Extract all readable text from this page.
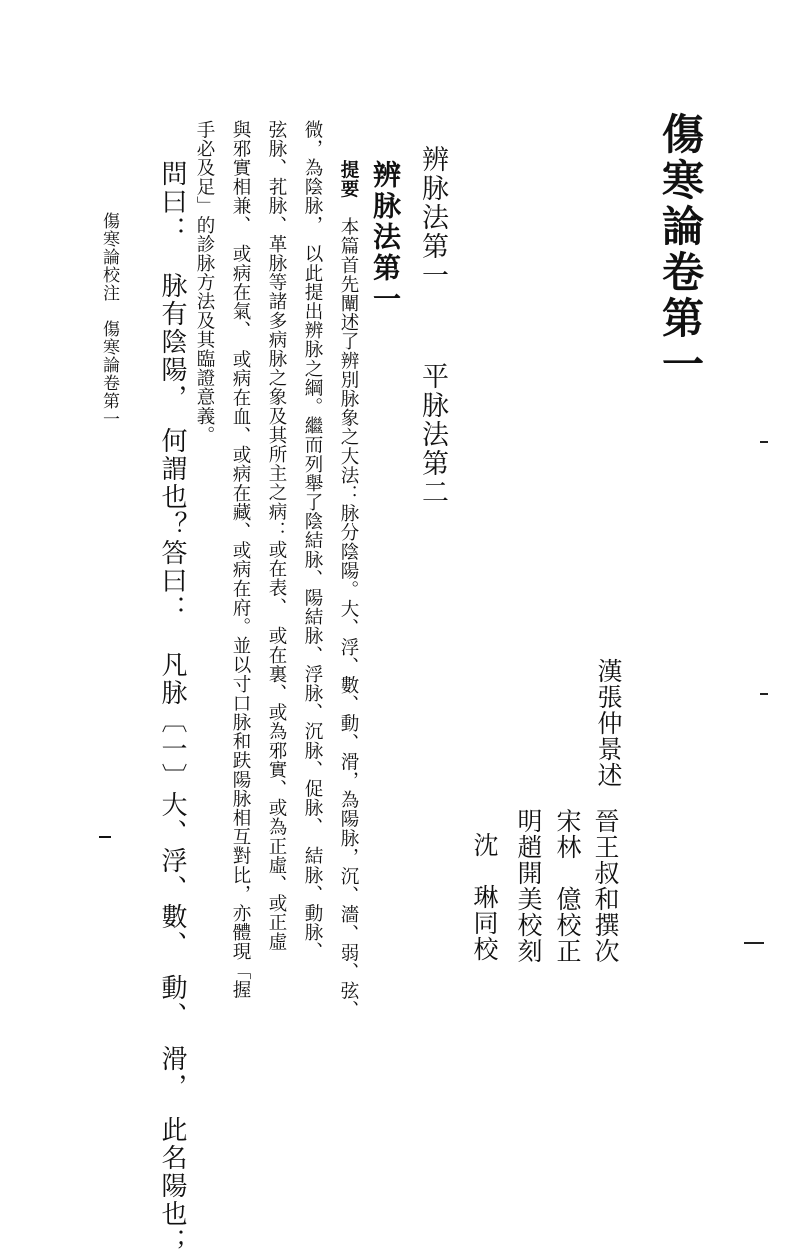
傷寒論卷第一
漢張仲景述
晉王叔和撰次
宋林　億校正
明趙開美校刻
沈　琳同校
辨脉法第一
平脉法第二
辨脉法第一
提要　本篇首先闡述了辨別脉象之大法：脉分陰陽。大、浮、數、動、滑，為陽脉，沉、濇、弱、弦、
微，為陰脉，　以此提出辨脉之綱。繼而列舉了陰結脉、陽結脉、浮脉、沉脉、促脉、　結脉、動脉、
弦脉、芤脉、革脉等諸多病脉之象及其所主之病：或在表、　或在裏、或為邪實、或為正虛、或正虛
與邪實相兼、　或病在氣、　或病在血、或病在藏、或病在府。並以寸口脉和趺陽脉相互對比，亦體現「握
手必及足」的診脉方法及其臨證意義。
問曰：　脉有陰陽，　何謂也？答曰：　凡脉〔一〕大、浮、數、　動、　滑，　此名陽也；
傷寒論校注　傷寒論卷第一
